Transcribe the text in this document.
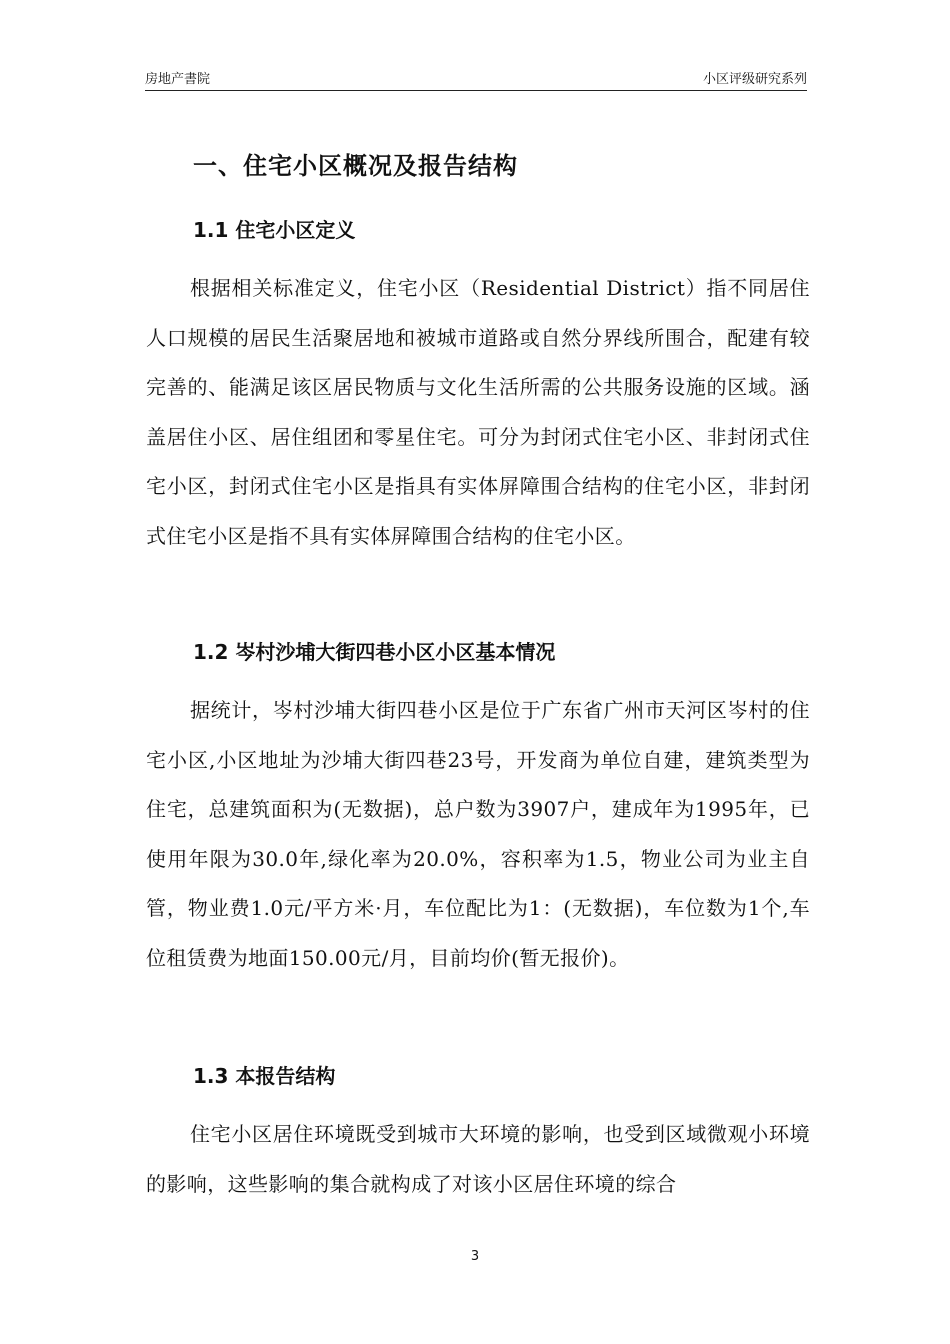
房地产書院	小区评级研究系列
一、住宅小区概况及报告结构
1.1 住宅小区定义

根据相关标准定义，住宅小区（Residential District）指不同居住人口规模的居民生活聚居地和被城市道路或自然分界线所围合，配建有较完善的、能满足该区居民物质与文化生活所需的公共服务设施的区域。涵盖居住小区、居住组团和零星住宅。可分为封闭式住宅小区、非封闭式住宅小区，封闭式住宅小区是指具有实体屏障围合结构的住宅小区，非封闭式住宅小区是指不具有实体屏障围合结构的住宅小区。

1.2 岑村沙埔大街四巷小区小区基本情况

据统计，岑村沙埔大街四巷小区是位于广东省广州市天河区岑村的住宅小区,小区地址为沙埔大街四巷23号，开发商为单位自建，建筑类型为住宅，总建筑面积为(无数据)，总户数为3907户，建成年为1995年，已使用年限为30.0年,绿化率为20.0%，容积率为1.5，物业公司为业主自管，物业费1.0元/平方米·月，车位配比为1：(无数据)，车位数为1个,车位租赁费为地面150.00元/月，目前均价(暂无报价)。

1.3 本报告结构

住宅小区居住环境既受到城市大环境的影响，也受到区域微观小环境的影响，这些影响的集合就构成了对该小区居住环境的综合

3
